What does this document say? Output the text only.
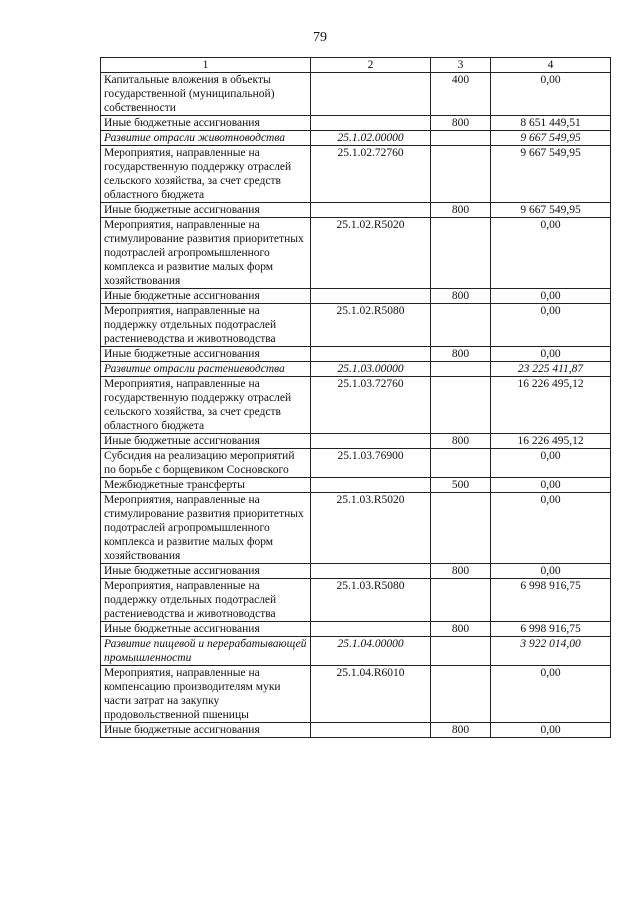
79
1	2	3	4
Капитальные вложения в объекты государственной (муниципальной) собственности		400	0,00
Иные бюджетные ассигнования		800	8 651 449,51
Развитие отрасли животноводства	25.1.02.00000		9 667 549,95
Мероприятия, направленные на государственную поддержку отраслей сельского хозяйства, за счет средств областного бюджета	25.1.02.72760		9 667 549,95
Иные бюджетные ассигнования		800	9 667 549,95
Мероприятия, направленные на стимулирование развития приоритетных подотраслей агропромышленного комплекса и развитие малых форм хозяйствования	25.1.02.R5020		0,00
Иные бюджетные ассигнования		800	0,00
Мероприятия, направленные на поддержку отдельных подотраслей растениеводства и животноводства	25.1.02.R5080		0,00
Иные бюджетные ассигнования		800	0,00
Развитие отрасли растениеводства	25.1.03.00000		23 225 411,87
Мероприятия, направленные на государственную поддержку отраслей сельского хозяйства, за счет средств областного бюджета	25.1.03.72760		16 226 495,12
Иные бюджетные ассигнования		800	16 226 495,12
Субсидия на реализацию мероприятий по борьбе с борщевиком Сосновского	25.1.03.76900		0,00
Межбюджетные трансферты		500	0,00
Мероприятия, направленные на стимулирование развития приоритетных подотраслей агропромышленного комплекса и развитие малых форм хозяйствования	25.1.03.R5020		0,00
Иные бюджетные ассигнования		800	0,00
Мероприятия, направленные на поддержку отдельных подотраслей растениеводства и животноводства	25.1.03.R5080		6 998 916,75
Иные бюджетные ассигнования		800	6 998 916,75
Развитие пищевой и перерабатывающей промышленности	25.1.04.00000		3 922 014,00
Мероприятия, направленные на компенсацию производителям муки части затрат на закупку продовольственной пшеницы	25.1.04.R6010		0,00
Иные бюджетные ассигнования		800	0,00
